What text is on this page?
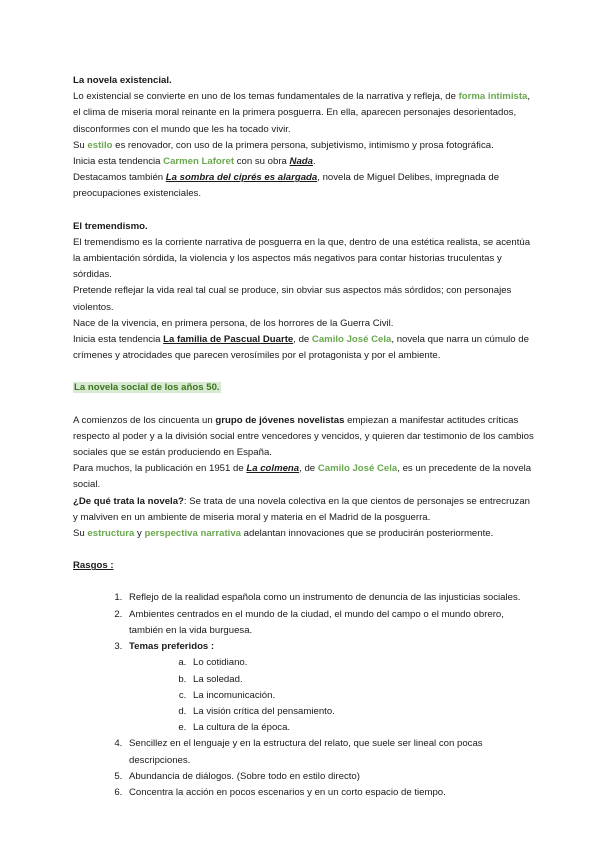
La novela existencial.

Lo existencial se convierte en uno de los temas fundamentales de la narrativa y refleja, de forma intimista, el clima de miseria moral reinante en la primera posguerra. En ella, aparecen personajes desorientados, disconformes con el mundo que les ha tocado vivir.

Su estilo es renovador, con uso de la primera persona, subjetivismo, intimismo y prosa fotográfica.

Inicia esta tendencia Carmen Laforet con su obra Nada.

Destacamos también La sombra del ciprés es alargada, novela de Miguel Delibes, impregnada de preocupaciones existenciales.

El tremendismo.

El tremendismo es la corriente narrativa de posguerra en la que, dentro de una estética realista, se acentúa la ambientación sórdida, la violencia y los aspectos más negativos para contar historias truculentas y sórdidas.

Pretende reflejar la vida real tal cual se produce, sin obviar sus aspectos más sórdidos; con personajes violentos.

Nace de la vivencia, en primera persona, de los horrores de la Guerra Civil.

Inicia esta tendencia La familia de Pascual Duarte, de Camilo José Cela, novela que narra un cúmulo de crímenes y atrocidades que parecen verosímiles por el protagonista y por el ambiente.

La novela social de los años 50.

A comienzos de los cincuenta un grupo de jóvenes novelistas empiezan a manifestar actitudes críticas respecto al poder y a la división social entre vencedores y vencidos, y quieren dar testimonio de los cambios sociales que se están produciendo en España.

Para muchos, la publicación en 1951 de La colmena, de Camilo José Cela, es un precedente de la novela social.

¿De qué trata la novela?: Se trata de una novela colectiva en la que cientos de personajes se entrecruzan y malviven en un ambiente de miseria moral y materia en el Madrid de la posguerra.

Su estructura y perspectiva narrativa adelantan innovaciones que se producirán posteriormente.

Rasgos :

1. Reflejo de la realidad española como un instrumento de denuncia de las injusticias sociales.
2. Ambientes centrados en el mundo de la ciudad, el mundo del campo o el mundo obrero, también en la vida burguesa.
3. Temas preferidos :
a. Lo cotidiano.
b. La soledad.
c. La incomunicación.
d. La visión crítica del pensamiento.
e. La cultura de la época.
4. Sencillez en el lenguaje y en la estructura del relato, que suele ser lineal con pocas descripciones.
5. Abundancia de diálogos. (Sobre todo en estilo directo)
6. Concentra la acción en pocos escenarios y en un corto espacio de tiempo.
